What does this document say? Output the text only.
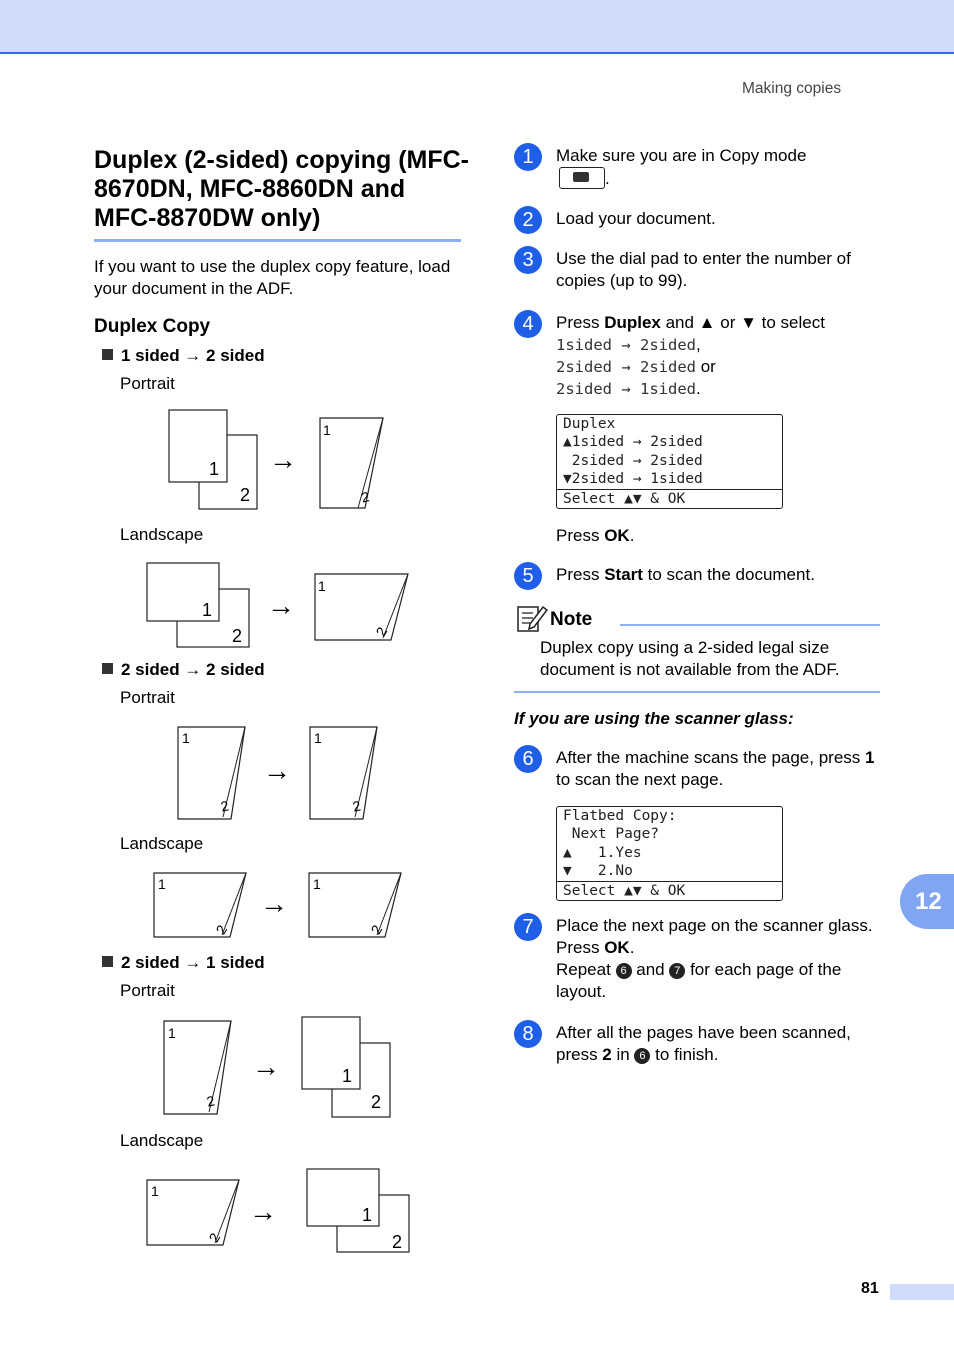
Making copies
Duplex (2-sided) copying (MFC-8670DN, MFC-8860DN and MFC-8870DW only)
If you want to use the duplex copy feature, load your document in the ADF.
Duplex Copy
1 sided → 2 sided
Portrait
2
1 →
1
2
Landscape
2
1 →
1
2
2 sided → 2 sided
Portrait
1
2
→
1
2
Landscape
1
2
→
1
2
2 sided → 1 sided
Portrait
1
2
→
2
1
Landscape
1
2
→
2
1
1	Make sure you are in Copy mode

.
2	Load your document.
3	Use the dial pad to enter the number of copies (up to 99).
4	Press Duplex and ▲ or ▼ to select
1sided → 2sided,
2sided → 2sided or
2sided → 1sided.
Duplex
▲1sided → 2sided
2sided → 2sided
▼2sided → 1sided
Select ▲▼ & OK
Press OK.
5	Press Start to scan the document.
Note
Duplex copy using a 2-sided legal size document is not available from the ADF.
If you are using the scanner glass:
6	After the machine scans the page, press 1 to scan the next page.
Flatbed Copy:
Next Page?
▲   1.Yes
▼   2.No
Select ▲▼ & OK
7	Place the next page on the scanner glass. Press OK.
Repeat 6 and 7 for each page of the layout.
8	After all the pages have been scanned, press 2 in 6 to finish.
12
81
